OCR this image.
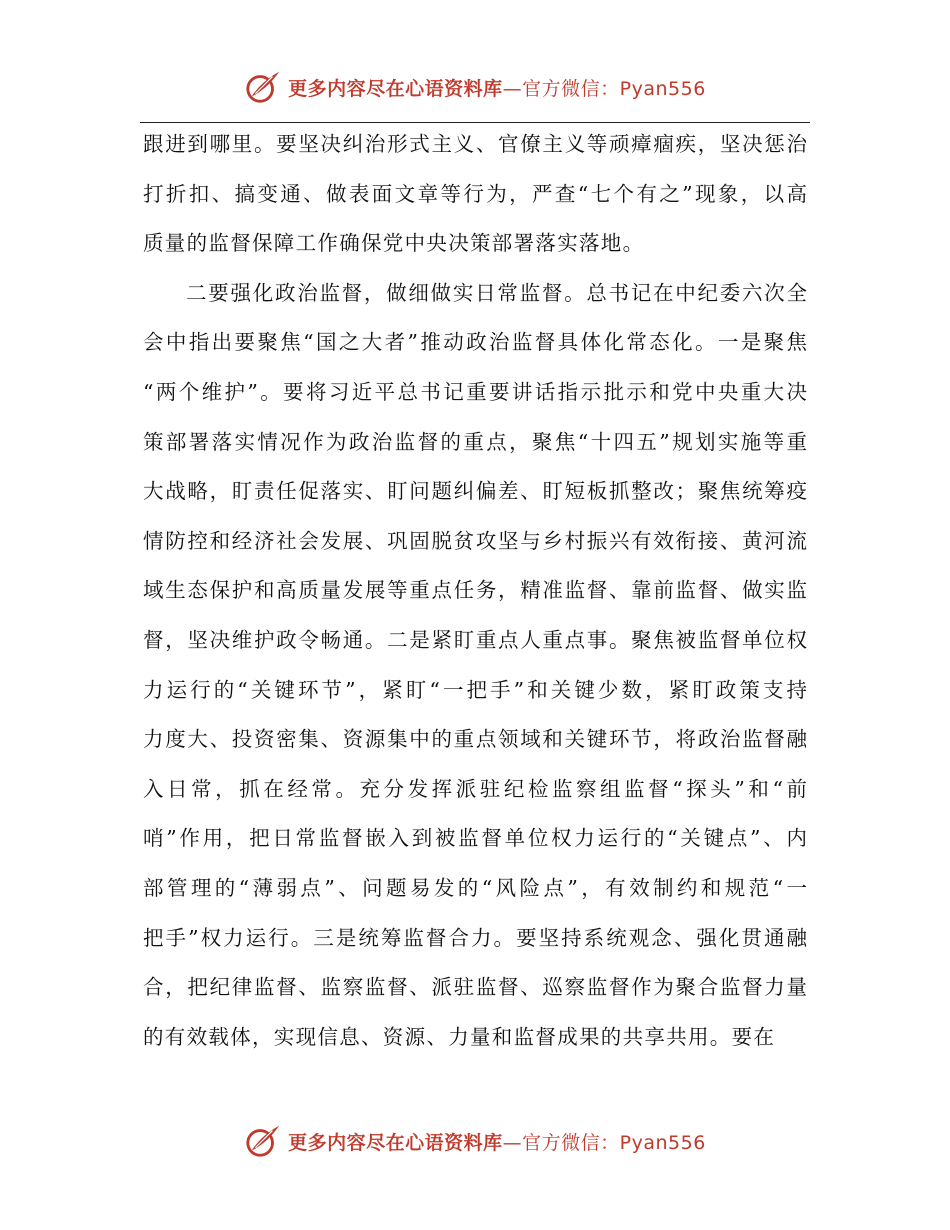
更多内容尽在心语资料库—官方微信：Pyan556
跟进到哪里。要坚决纠治形式主义、官僚主义等顽瘴痼疾，坚决惩治
打折扣、搞变通、做表面文章等行为，严查“七个有之”现象，以高
质量的监督保障工作确保党中央决策部署落实落地。
二要强化政治监督，做细做实日常监督。总书记在中纪委六次全
会中指出要聚焦“国之大者”推动政治监督具体化常态化。一是聚焦
“两个维护”。要将习近平总书记重要讲话指示批示和党中央重大决
策部署落实情况作为政治监督的重点，聚焦“十四五”规划实施等重
大战略，盯责任促落实、盯问题纠偏差、盯短板抓整改；聚焦统筹疫
情防控和经济社会发展、巩固脱贫攻坚与乡村振兴有效衔接、黄河流
域生态保护和高质量发展等重点任务，精准监督、靠前监督、做实监
督，坚决维护政令畅通。二是紧盯重点人重点事。聚焦被监督单位权
力运行的“关键环节”，紧盯“一把手”和关键少数，紧盯政策支持
力度大、投资密集、资源集中的重点领域和关键环节，将政治监督融
入日常，抓在经常。充分发挥派驻纪检监察组监督“探头”和“前
哨”作用，把日常监督嵌入到被监督单位权力运行的“关键点”、内
部管理的“薄弱点”、问题易发的“风险点”，有效制约和规范“一
把手”权力运行。三是统筹监督合力。要坚持系统观念、强化贯通融
合，把纪律监督、监察监督、派驻监督、巡察监督作为聚合监督力量
的有效载体，实现信息、资源、力量和监督成果的共享共用。要在
更多内容尽在心语资料库—官方微信：Pyan556
